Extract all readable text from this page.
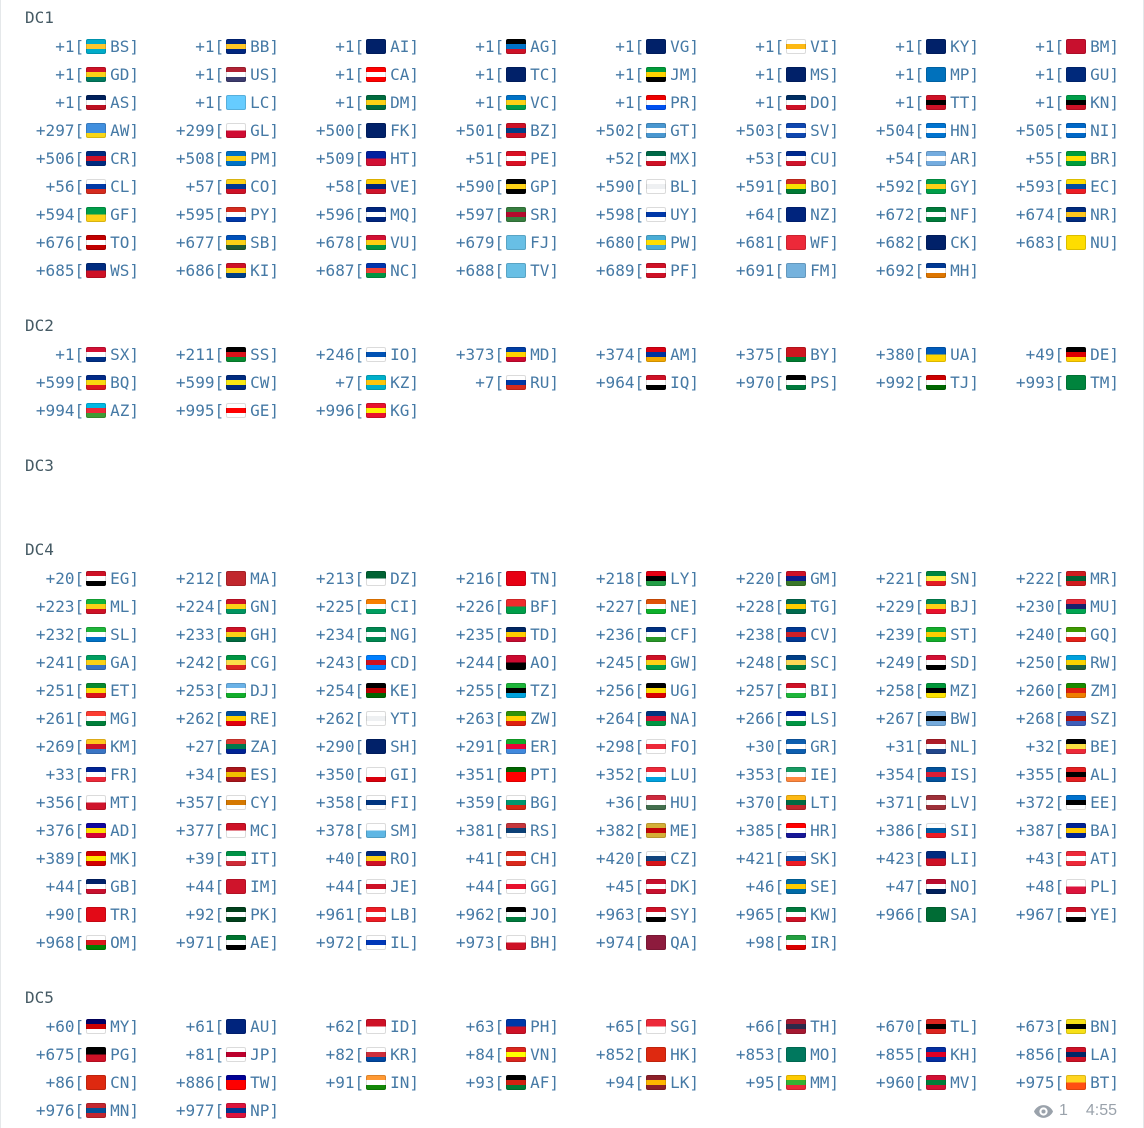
DC1
+1[ BS]	+1[ BB]	+1[ AI]	+1[ AG]	+1[ VG]	+1[ VI]	+1[ KY]	+1[ BM]
+1[ GD]	+1[ US]	+1[ CA]	+1[ TC]	+1[ JM]	+1[ MS]	+1[ MP]	+1[ GU]
+1[ AS]	+1[ LC]	+1[ DM]	+1[ VC]	+1[ PR]	+1[ DO]	+1[ TT]	+1[ KN]
+297[ AW] +299[ GL] +500[ FK] +501[ BZ] +502[ GT] +503[ SV] +504[ HN] +505[ NI]
+506[ CR] +508[ PM] +509[ HT]	+51[ PE]	+52[ MX]	+53[ CU]	+54[ AR]	+55[ BR]
+56[ CL]	+57[ CO]	+58[ VE] +590[ GP] +590[ BL] +591[ BO] +592[ GY] +593[ EC]
+594[ GF] +595[ PY] +596[ MQ] +597[ SR] +598[ UY]	+64[ NZ] +672[ NF] +674[ NR]
+676[ TO] +677[ SB] +678[ VU] +679[ FJ] +680[ PW] +681[ WF] +682[ CK] +683[ NU]
+685[ WS] +686[ KI] +687[ NC] +688[ TV] +689[ PF] +691[ FM] +692[ MH]
DC2
+1[ SX] +211[ SS] +246[ IO] +373[ MD] +374[ AM] +375[ BY] +380[ UA]	+49[ DE]
+599[ BQ] +599[ CW]	+7[ KZ]	+7[ RU] +964[ IQ] +970[ PS] +992[ TJ] +993[ TM]
+994[ AZ] +995[ GE] +996[ KG]
DC3
DC4
+20[ EG] +212[ MA] +213[ DZ] +216[ TN] +218[ LY] +220[ GM] +221[ SN] +222[ MR]
+223[ ML] +224[ GN] +225[ CI] +226[ BF] +227[ NE] +228[ TG] +229[ BJ] +230[ MU]
+232[ SL] +233[ GH] +234[ NG] +235[ TD] +236[ CF] +238[ CV] +239[ ST] +240[ GQ]
+241[ GA] +242[ CG] +243[ CD] +244[ AO] +245[ GW] +248[ SC] +249[ SD] +250[ RW]
+251[ ET] +253[ DJ] +254[ KE] +255[ TZ] +256[ UG] +257[ BI] +258[ MZ] +260[ ZM]
+261[ MG] +262[ RE] +262[ YT] +263[ ZW] +264[ NA] +266[ LS] +267[ BW] +268[ SZ]
+269[ KM]	+27[ ZA] +290[ SH] +291[ ER] +298[ FO]	+30[ GR]	+31[ NL]	+32[ BE]
+33[ FR]	+34[ ES] +350[ GI] +351[ PT] +352[ LU] +353[ IE] +354[ IS] +355[ AL]
+356[ MT] +357[ CY] +358[ FI] +359[ BG]	+36[ HU] +370[ LT] +371[ LV] +372[ EE]
+376[ AD] +377[ MC] +378[ SM] +381[ RS] +382[ ME] +385[ HR] +386[ SI] +387[ BA]
+389[ MK]	+39[ IT]	+40[ RO]	+41[ CH] +420[ CZ] +421[ SK] +423[ LI]	+43[ AT]
+44[ GB]	+44[ IM]	+44[ JE]	+44[ GG]	+45[ DK]	+46[ SE]	+47[ NO]	+48[ PL]
+90[ TR]	+92[ PK] +961[ LB] +962[ JO] +963[ SY] +965[ KW] +966[ SA] +967[ YE]
+968[ OM] +971[ AE] +972[ IL] +973[ BH] +974[ QA]	+98[ IR]
DC5
+60[ MY]	+61[ AU]	+62[ ID]	+63[ PH]	+65[ SG]	+66[ TH] +670[ TL] +673[ BN]
+675[ PG]	+81[ JP]	+82[ KR]	+84[ VN] +852[ HK] +853[ MO] +855[ KH] +856[ LA]
+86[ CN] +886[ TW]	+91[ IN]	+93[ AF]	+94[ LK]	+95[ MM] +960[ MV] +975[ BT]
+976[ MN] +977[ NP]	1 4:55
